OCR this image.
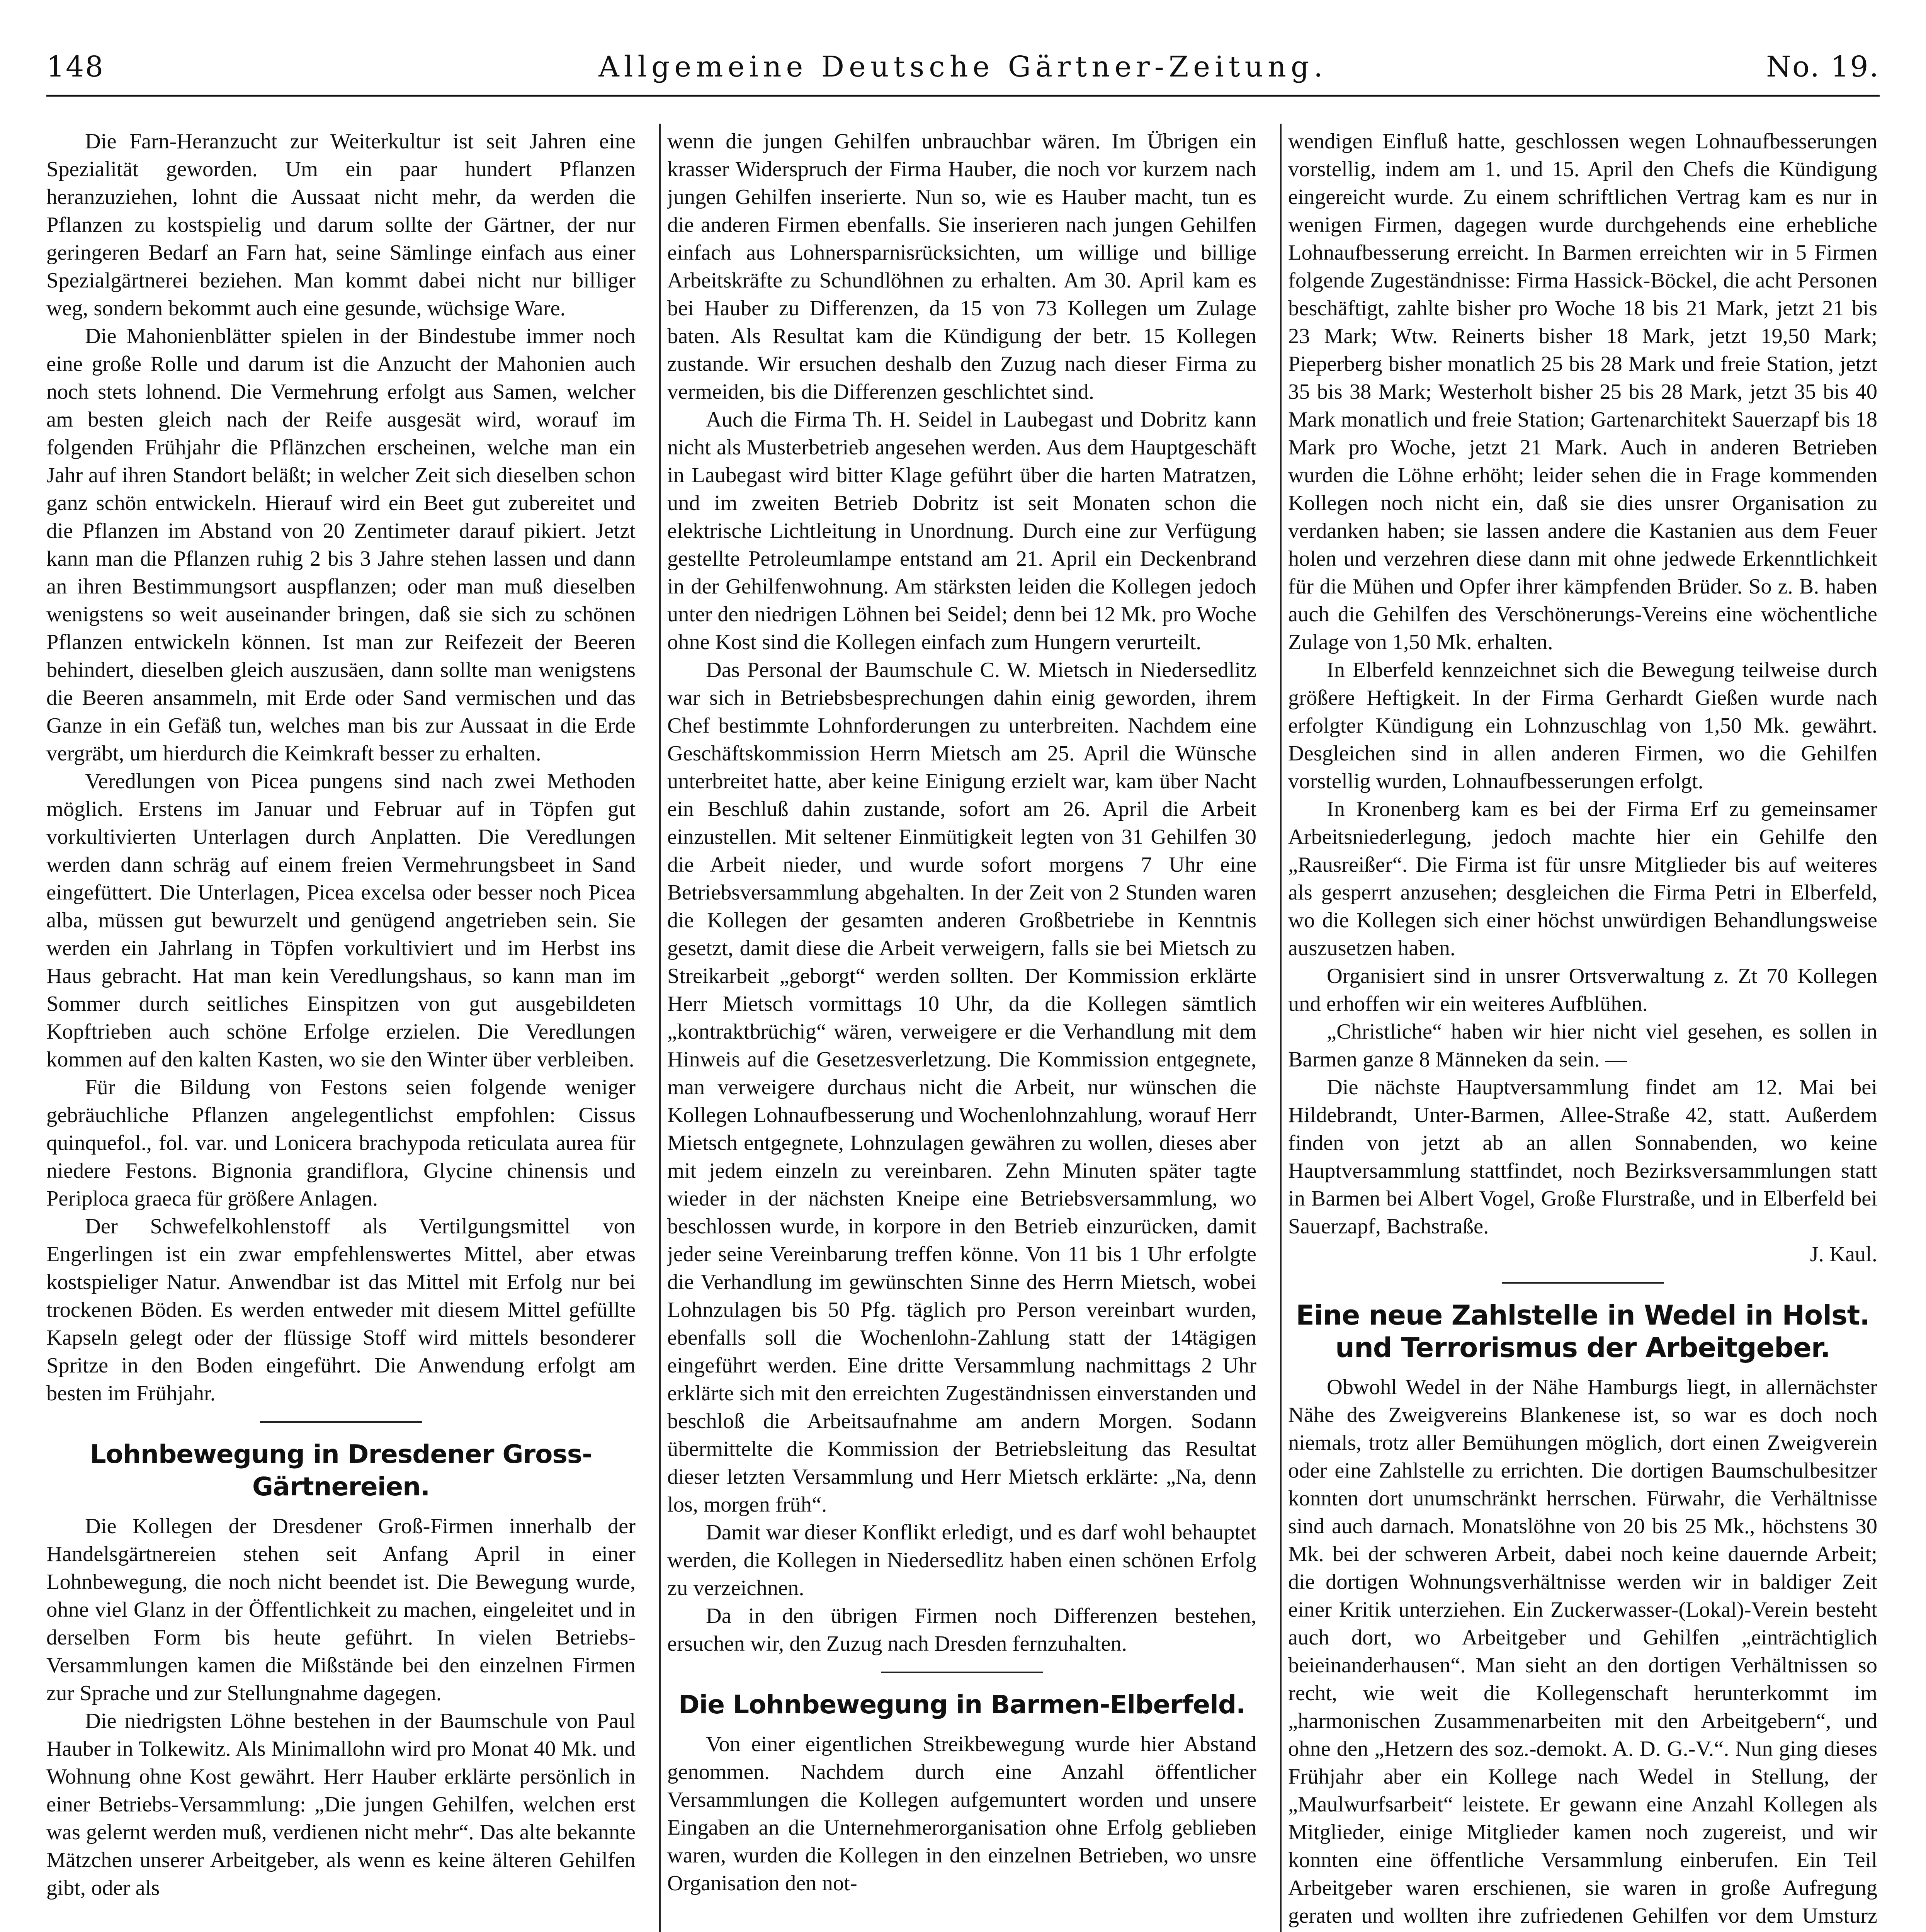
148	Allgemeine Deutsche Gärtner-Zeitung.	No. 19.

Die Farn-Heranzucht zur Weiterkultur ist seit Jahren eine Spezialität geworden. Um ein paar hundert Pflanzen heranzuziehen, lohnt die Aussaat nicht mehr, da werden die Pflanzen zu kostspielig und darum sollte der Gärtner, der nur geringeren Bedarf an Farn hat, seine Sämlinge einfach aus einer Spezialgärtnerei beziehen. Man kommt dabei nicht nur billiger weg, sondern bekommt auch eine gesunde, wüchsige Ware.

Die Mahonienblätter spielen in der Bindestube immer noch eine große Rolle und darum ist die Anzucht der Mahonien auch noch stets lohnend. Die Vermehrung erfolgt aus Samen, welcher am besten gleich nach der Reife ausgesät wird, worauf im folgenden Frühjahr die Pflänzchen erscheinen, welche man ein Jahr auf ihren Standort beläßt; in welcher Zeit sich dieselben schon ganz schön entwickeln. Hierauf wird ein Beet gut zubereitet und die Pflanzen im Abstand von 20 Zentimeter darauf pikiert. Jetzt kann man die Pflanzen ruhig 2 bis 3 Jahre stehen lassen und dann an ihren Bestimmungsort auspflanzen; oder man muß dieselben wenigstens so weit auseinander bringen, daß sie sich zu schönen Pflanzen entwickeln können. Ist man zur Reifezeit der Beeren behindert, dieselben gleich auszusäen, dann sollte man wenigstens die Beeren ansammeln, mit Erde oder Sand vermischen und das Ganze in ein Gefäß tun, welches man bis zur Aussaat in die Erde vergräbt, um hierdurch die Keimkraft besser zu erhalten.

Veredlungen von Picea pungens sind nach zwei Methoden möglich. Erstens im Januar und Februar auf in Töpfen gut vorkultivierten Unterlagen durch Anplatten. Die Veredlungen werden dann schräg auf einem freien Vermehrungsbeet in Sand eingefüttert. Die Unterlagen, Picea excelsa oder besser noch Picea alba, müssen gut bewurzelt und genügend angetrieben sein. Sie werden ein Jahrlang in Töpfen vorkultiviert und im Herbst ins Haus gebracht. Hat man kein Veredlungshaus, so kann man im Sommer durch seitliches Einspitzen von gut ausgebildeten Kopftrieben auch schöne Erfolge erzielen. Die Veredlungen kommen auf den kalten Kasten, wo sie den Winter über verbleiben.

Für die Bildung von Festons seien folgende weniger gebräuchliche Pflanzen angelegentlichst empfohlen: Cissus quinquefol., fol. var. und Lonicera brachypoda reticulata aurea für niedere Festons. Bignonia grandiflora, Glycine chinensis und Periploca graeca für größere Anlagen.

Der Schwefelkohlenstoff als Vertilgungsmittel von Engerlingen ist ein zwar empfehlenswertes Mittel, aber etwas kostspieliger Natur. Anwendbar ist das Mittel mit Erfolg nur bei trockenen Böden. Es werden entweder mit diesem Mittel gefüllte Kapseln gelegt oder der flüssige Stoff wird mittels besonderer Spritze in den Boden eingeführt. Die Anwendung erfolgt am besten im Frühjahr.

Lohnbewegung in Dresdener Gross-Gärtnereien.

Die Kollegen der Dresdener Groß-Firmen innerhalb der Handelsgärtnereien stehen seit Anfang April in einer Lohnbewegung, die noch nicht beendet ist. Die Bewegung wurde, ohne viel Glanz in der Öffentlichkeit zu machen, eingeleitet und in derselben Form bis heute geführt. In vielen Betriebs-Versammlungen kamen die Mißstände bei den einzelnen Firmen zur Sprache und zur Stellungnahme dagegen.

Die niedrigsten Löhne bestehen in der Baumschule von Paul Hauber in Tolkewitz. Als Minimallohn wird pro Monat 40 Mk. und Wohnung ohne Kost gewährt. Herr Hauber erklärte persönlich in einer Betriebs-Versammlung: „Die jungen Gehilfen, welchen erst was gelernt werden muß, verdienen nicht mehr“. Das alte bekannte Mätzchen unserer Arbeitgeber, als wenn es keine älteren Gehilfen gibt, oder als

wenn die jungen Gehilfen unbrauchbar wären. Im Übrigen ein krasser Widerspruch der Firma Hauber, die noch vor kurzem nach jungen Gehilfen inserierte. Nun so, wie es Hauber macht, tun es die anderen Firmen ebenfalls. Sie inserieren nach jungen Gehilfen einfach aus Lohnersparnisrücksichten, um willige und billige Arbeitskräfte zu Schundlöhnen zu erhalten. Am 30. April kam es bei Hauber zu Differenzen, da 15 von 73 Kollegen um Zulage baten. Als Resultat kam die Kündigung der betr. 15 Kollegen zustande. Wir ersuchen deshalb den Zuzug nach dieser Firma zu vermeiden, bis die Differenzen geschlichtet sind.

Auch die Firma Th. H. Seidel in Laubegast und Dobritz kann nicht als Musterbetrieb angesehen werden. Aus dem Hauptgeschäft in Laubegast wird bitter Klage geführt über die harten Matratzen, und im zweiten Betrieb Dobritz ist seit Monaten schon die elektrische Lichtleitung in Unordnung. Durch eine zur Verfügung gestellte Petroleumlampe entstand am 21. April ein Deckenbrand in der Gehilfenwohnung. Am stärksten leiden die Kollegen jedoch unter den niedrigen Löhnen bei Seidel; denn bei 12 Mk. pro Woche ohne Kost sind die Kollegen einfach zum Hungern verurteilt.

Das Personal der Baumschule C. W. Mietsch in Niedersedlitz war sich in Betriebsbesprechungen dahin einig geworden, ihrem Chef bestimmte Lohnforderungen zu unterbreiten. Nachdem eine Geschäftskommission Herrn Mietsch am 25. April die Wünsche unterbreitet hatte, aber keine Einigung erzielt war, kam über Nacht ein Beschluß dahin zustande, sofort am 26. April die Arbeit einzustellen. Mit seltener Einmütigkeit legten von 31 Gehilfen 30 die Arbeit nieder, und wurde sofort morgens 7 Uhr eine Betriebsversammlung abgehalten. In der Zeit von 2 Stunden waren die Kollegen der gesamten anderen Großbetriebe in Kenntnis gesetzt, damit diese die Arbeit verweigern, falls sie bei Mietsch zu Streikarbeit „geborgt“ werden sollten. Der Kommission erklärte Herr Mietsch vormittags 10 Uhr, da die Kollegen sämtlich „kontraktbrüchig“ wären, verweigere er die Verhandlung mit dem Hinweis auf die Gesetzesverletzung. Die Kommission entgegnete, man verweigere durchaus nicht die Arbeit, nur wünschen die Kollegen Lohnaufbesserung und Wochenlohnzahlung, worauf Herr Mietsch entgegnete, Lohnzulagen gewähren zu wollen, dieses aber mit jedem einzeln zu vereinbaren. Zehn Minuten später tagte wieder in der nächsten Kneipe eine Betriebsversammlung, wo beschlossen wurde, in korpore in den Betrieb einzurücken, damit jeder seine Vereinbarung treffen könne. Von 11 bis 1 Uhr erfolgte die Verhandlung im gewünschten Sinne des Herrn Mietsch, wobei Lohnzulagen bis 50 Pfg. täglich pro Person vereinbart wurden, ebenfalls soll die Wochenlohn-Zahlung statt der 14tägigen eingeführt werden. Eine dritte Versammlung nachmittags 2 Uhr erklärte sich mit den erreichten Zugeständnissen einverstanden und beschloß die Arbeitsaufnahme am andern Morgen. Sodann übermittelte die Kommission der Betriebsleitung das Resultat dieser letzten Versammlung und Herr Mietsch erklärte: „Na, denn los, morgen früh“.

Damit war dieser Konflikt erledigt, und es darf wohl behauptet werden, die Kollegen in Niedersedlitz haben einen schönen Erfolg zu verzeichnen.

Da in den übrigen Firmen noch Differenzen bestehen, ersuchen wir, den Zuzug nach Dresden fernzuhalten.

Die Lohnbewegung in Barmen-Elberfeld.

Von einer eigentlichen Streikbewegung wurde hier Abstand genommen. Nachdem durch eine Anzahl öffentlicher Versammlungen die Kollegen aufgemuntert worden und unsere Eingaben an die Unternehmerorganisation ohne Erfolg geblieben waren, wurden die Kollegen in den einzelnen Betrieben, wo unsre Organisation den not-

wendigen Einfluß hatte, geschlossen wegen Lohnaufbesserungen vorstellig, indem am 1. und 15. April den Chefs die Kündigung eingereicht wurde. Zu einem schriftlichen Vertrag kam es nur in wenigen Firmen, dagegen wurde durchgehends eine erhebliche Lohnaufbesserung erreicht. In Barmen erreichten wir in 5 Firmen folgende Zugeständnisse: Firma Hassick-Böckel, die acht Personen beschäftigt, zahlte bisher pro Woche 18 bis 21 Mark, jetzt 21 bis 23 Mark; Wtw. Reinerts bisher 18 Mark, jetzt 19,50 Mark; Pieperberg bisher monatlich 25 bis 28 Mark und freie Station, jetzt 35 bis 38 Mark; Westerholt bisher 25 bis 28 Mark, jetzt 35 bis 40 Mark monatlich und freie Station; Gartenarchitekt Sauerzapf bis 18 Mark pro Woche, jetzt 21 Mark. Auch in anderen Betrieben wurden die Löhne erhöht; leider sehen die in Frage kommenden Kollegen noch nicht ein, daß sie dies unsrer Organisation zu verdanken haben; sie lassen andere die Kastanien aus dem Feuer holen und verzehren diese dann mit ohne jedwede Erkenntlichkeit für die Mühen und Opfer ihrer kämpfenden Brüder. So z. B. haben auch die Gehilfen des Verschönerungs-Vereins eine wöchentliche Zulage von 1,50 Mk. erhalten.

In Elberfeld kennzeichnet sich die Bewegung teilweise durch größere Heftigkeit. In der Firma Gerhardt Gießen wurde nach erfolgter Kündigung ein Lohnzuschlag von 1,50 Mk. gewährt. Desgleichen sind in allen anderen Firmen, wo die Gehilfen vorstellig wurden, Lohnaufbesserungen erfolgt.

In Kronenberg kam es bei der Firma Erf zu gemeinsamer Arbeitsniederlegung, jedoch machte hier ein Gehilfe den „Rausreißer“. Die Firma ist für unsre Mitglieder bis auf weiteres als gesperrt anzusehen; desgleichen die Firma Petri in Elberfeld, wo die Kollegen sich einer höchst unwürdigen Behandlungsweise auszusetzen haben.

Organisiert sind in unsrer Ortsverwaltung z. Zt 70 Kollegen und erhoffen wir ein weiteres Aufblühen.

„Christliche“ haben wir hier nicht viel gesehen, es sollen in Barmen ganze 8 Männeken da sein. —

Die nächste Hauptversammlung findet am 12. Mai bei Hildebrandt, Unter-Barmen, Allee-Straße 42, statt. Außerdem finden von jetzt ab an allen Sonnabenden, wo keine Hauptversammlung stattfindet, noch Bezirksversammlungen statt in Barmen bei Albert Vogel, Große Flurstraße, und in Elberfeld bei Sauerzapf, Bachstraße.

J. Kaul.

Eine neue Zahlstelle in Wedel in Holst. und Terrorismus der Arbeitgeber.

Obwohl Wedel in der Nähe Hamburgs liegt, in allernächster Nähe des Zweigvereins Blankenese ist, so war es doch noch niemals, trotz aller Bemühungen möglich, dort einen Zweigverein oder eine Zahlstelle zu errichten. Die dortigen Baumschulbesitzer konnten dort unumschränkt herrschen. Fürwahr, die Verhältnisse sind auch darnach. Monatslöhne von 20 bis 25 Mk., höchstens 30 Mk. bei der schweren Arbeit, dabei noch keine dauernde Arbeit; die dortigen Wohnungsverhältnisse werden wir in baldiger Zeit einer Kritik unterziehen. Ein Zuckerwasser-(Lokal)-Verein besteht auch dort, wo Arbeitgeber und Gehilfen „einträchtiglich beieinanderhausen“. Man sieht an den dortigen Verhältnissen so recht, wie weit die Kollegenschaft herunterkommt im „harmonischen Zusammenarbeiten mit den Arbeitgebern“, und ohne den „Hetzern des soz.-demokt. A. D. G.-V.“. Nun ging dieses Frühjahr aber ein Kollege nach Wedel in Stellung, der „Maulwurfsarbeit“ leistete. Er gewann eine Anzahl Kollegen als Mitglieder, einige Mitglieder kamen noch zugereist, und wir konnten eine öffentliche Versammlung einberufen. Ein Teil Arbeitgeber waren erschienen, sie waren in große Aufregung geraten und wollten ihre zufriedenen Gehilfen vor dem Umsturz
